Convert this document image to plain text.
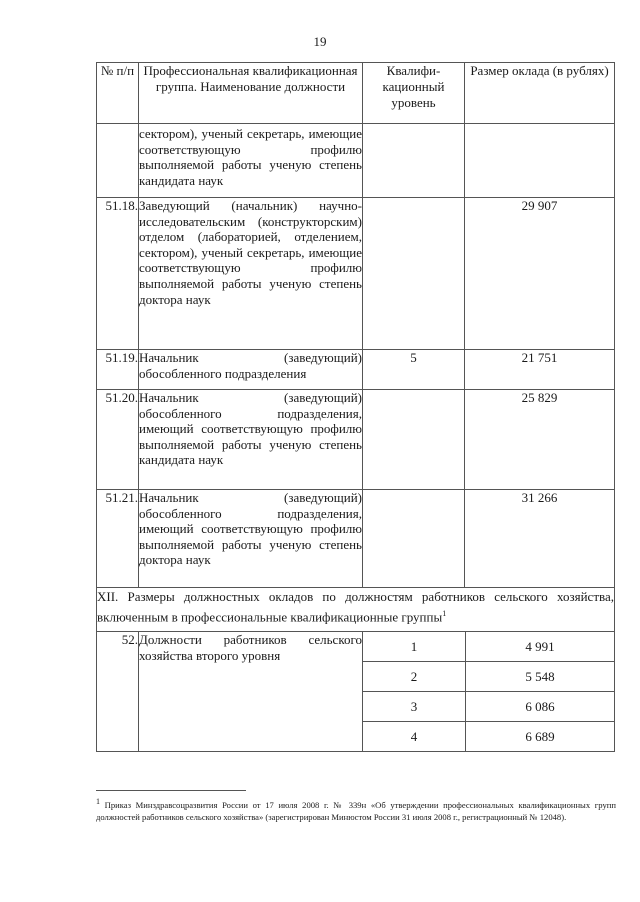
19
№ п/п	Профессиональная квалификационная группа. Наименование должности	Квалифи-кационный уровень	Размер оклада (в рублях)
	сектором), ученый секретарь, имеющие соответствующую профилю выполняемой работы ученую степень кандидата наук		
51.18.	Заведующий (начальник) научно-исследовательским (конструкторским) отделом (лабораторией, отделением, сектором), ученый секретарь, имеющие соответствующую профилю выполняемой работы ученую степень доктора наук		29 907
51.19.	Начальник (заведующий) обособленного подразделения	5	21 751
51.20.	Начальник (заведующий) обособленного подразделения, имеющий соответствующую профилю выполняемой работы ученую степень кандидата наук		25 829
51.21.	Начальник (заведующий) обособленного подразделения, имеющий соответствующую профилю выполняемой работы ученую степень доктора наук		31 266
XII. Размеры должностных окладов по должностям работников сельского хозяйства, включенным в профессиональные квалификационные группы$^1$
52.	Должности работников сельского хозяйства второго уровня	
1	4 991
2	5 548
3	6 086
4	6 689
1 Приказ Минздравсоцразвития России от 17 июля 2008 г. № 339н «Об утверждении профессиональных квалификационных групп должностей работников сельского хозяйства» (зарегистрирован Минюстом России 31 июля 2008 г., регистрационный № 12048).
